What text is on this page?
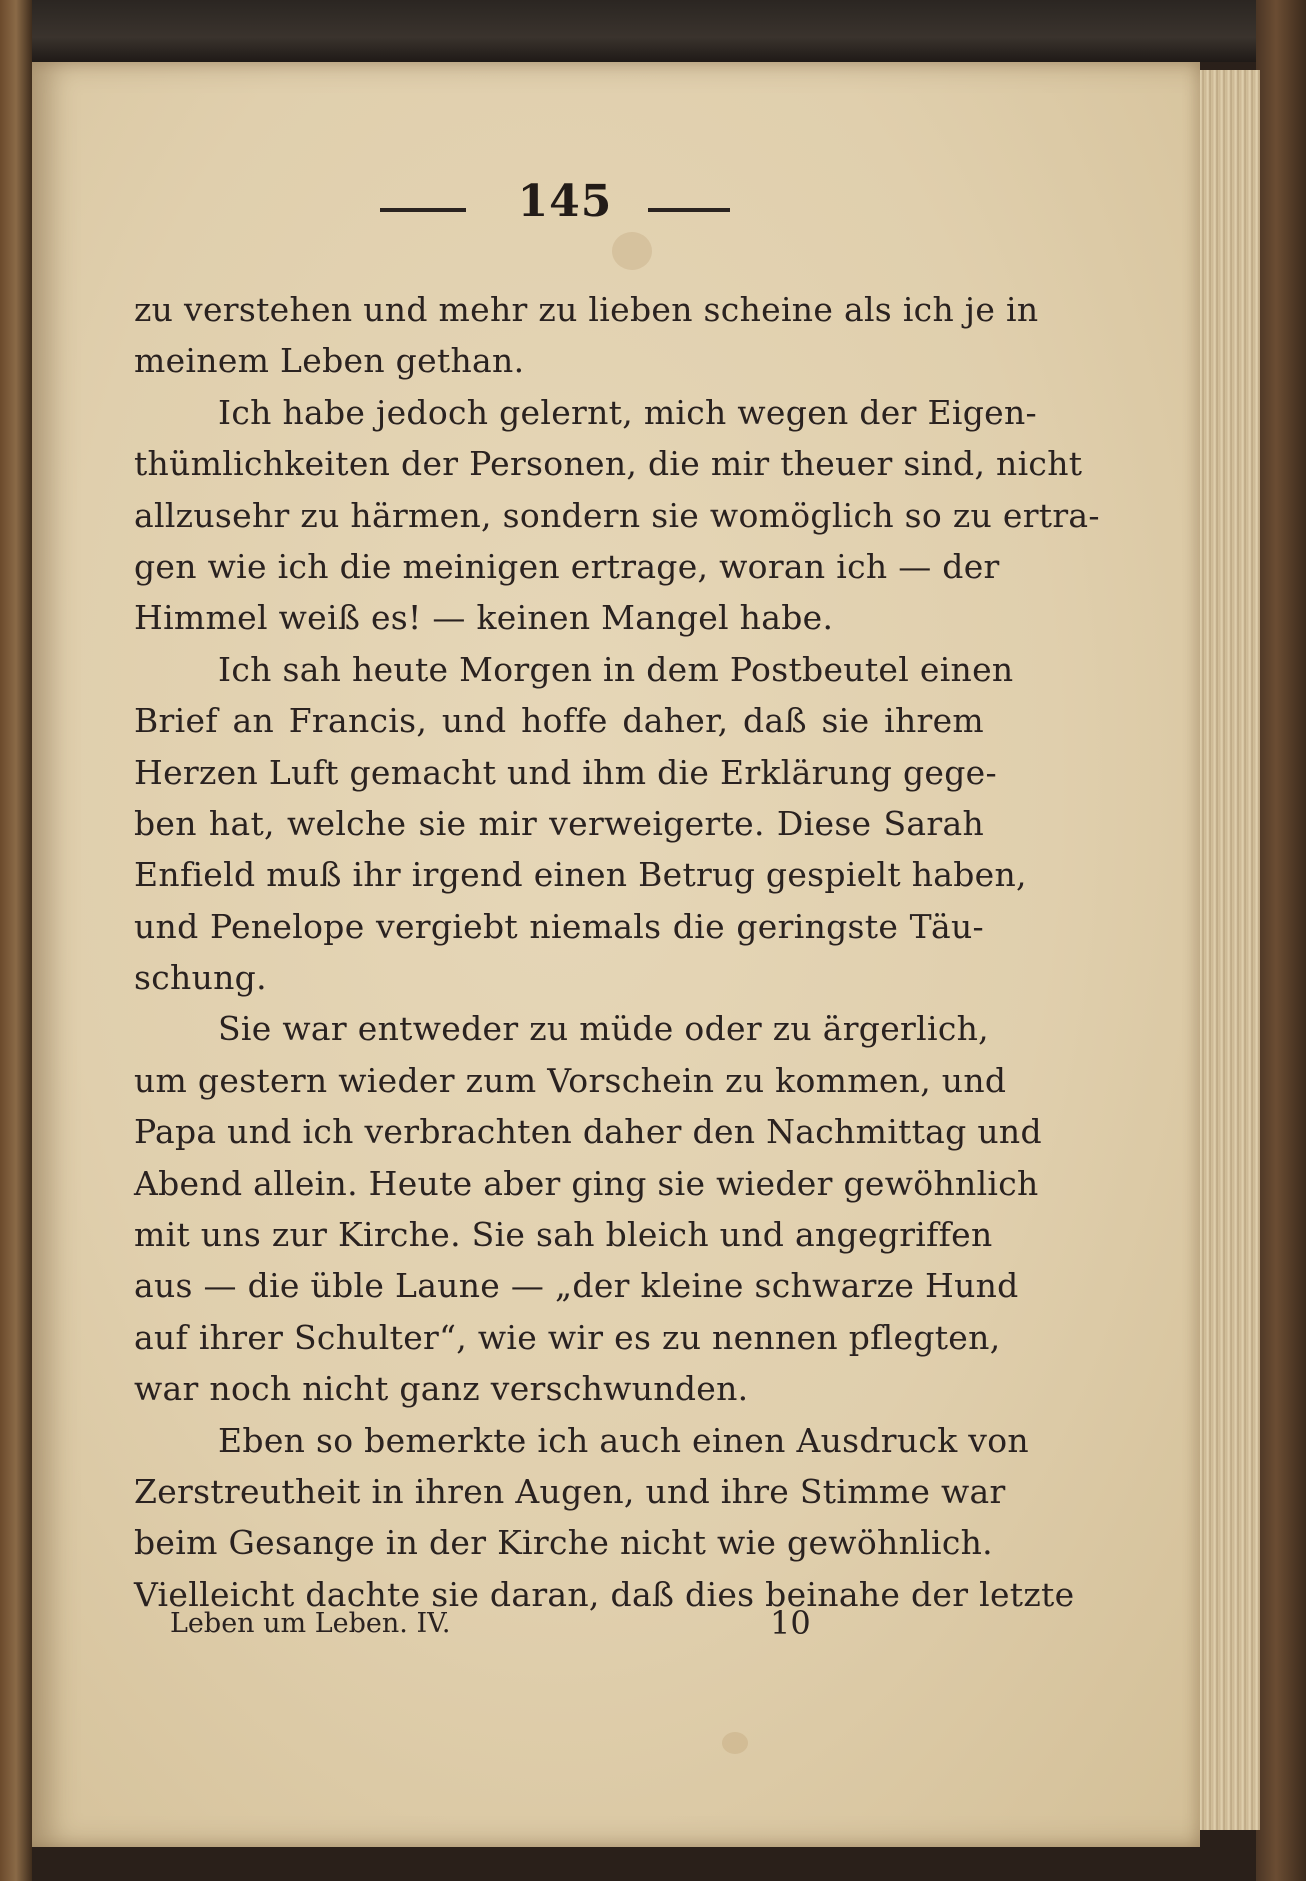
145
zu verstehen und mehr zu lieben scheine als ich je in
meinem Leben gethan.
Ich habe jedoch gelernt, mich wegen der Eigen-
thümlichkeiten der Personen, die mir theuer sind, nicht
allzusehr zu härmen, sondern sie womöglich so zu ertra-
gen wie ich die meinigen ertrage, woran ich — der
Himmel weiß es! — keinen Mangel habe.
Ich sah heute Morgen in dem Postbeutel einen
Brief an Francis, und hoffe daher, daß sie ihrem
Herzen Luft gemacht und ihm die Erklärung gege-
ben hat, welche sie mir verweigerte. Diese Sarah
Enfield muß ihr irgend einen Betrug gespielt haben,
und Penelope vergiebt niemals die geringste Täu-
schung.
Sie war entweder zu müde oder zu ärgerlich,
um gestern wieder zum Vorschein zu kommen, und
Papa und ich verbrachten daher den Nachmittag und
Abend allein. Heute aber ging sie wieder gewöhnlich
mit uns zur Kirche. Sie sah bleich und angegriffen
aus — die üble Laune — „der kleine schwarze Hund
auf ihrer Schulter“, wie wir es zu nennen pflegten,
war noch nicht ganz verschwunden.
Eben so bemerkte ich auch einen Ausdruck von
Zerstreutheit in ihren Augen, und ihre Stimme war
beim Gesange in der Kirche nicht wie gewöhnlich.
Vielleicht dachte sie daran, daß dies beinahe der letzte
Leben um Leben. IV.	10
